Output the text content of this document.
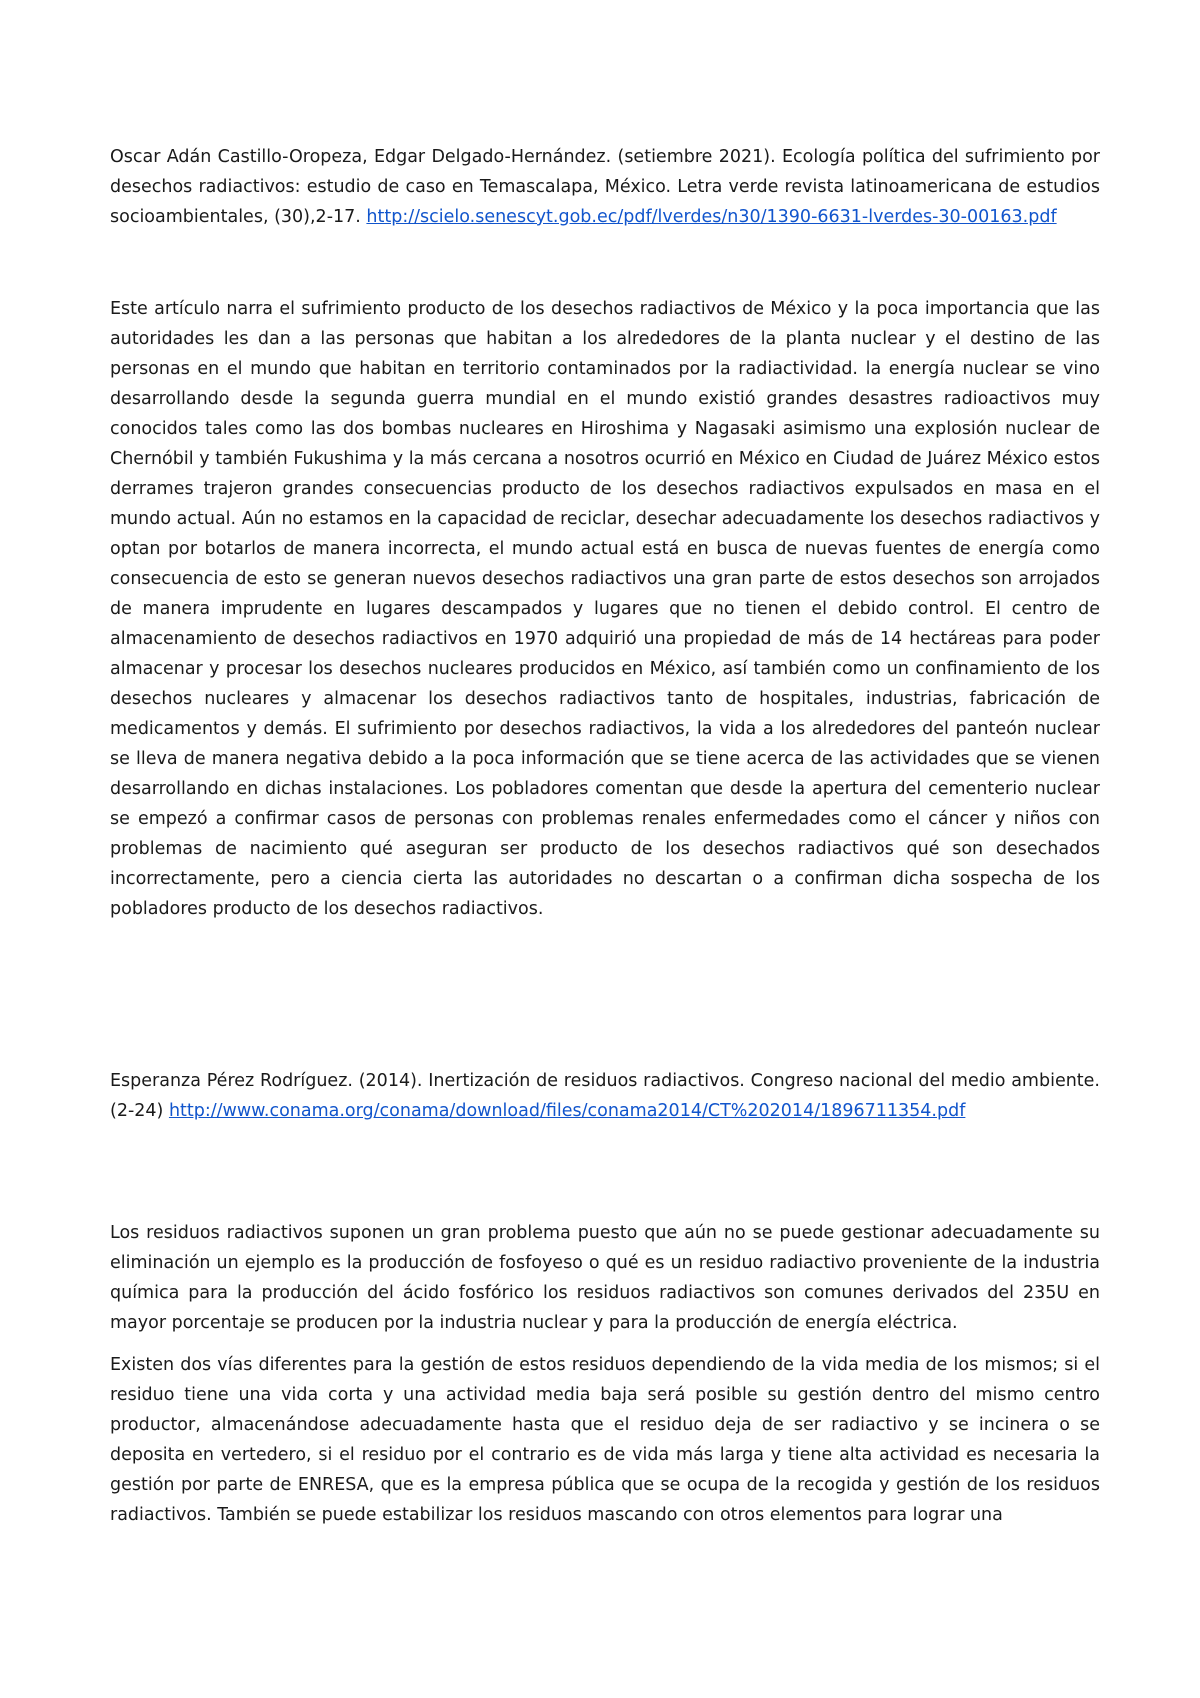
Oscar Adán Castillo-Oropeza, Edgar Delgado-Hernández. (setiembre 2021). Ecología política del sufrimiento por desechos radiactivos: estudio de caso en Temascalapa, México. Letra verde revista latinoamericana de estudios socioambientales, (30),2-17. http://scielo.senescyt.gob.ec/pdf/lverdes/n30/1390-6631-lverdes-30-00163.pdf

Este artículo narra el sufrimiento producto de los desechos radiactivos de México y la poca importancia que las autoridades les dan a las personas que habitan a los alrededores de la planta nuclear y el destino de las personas en el mundo que habitan en territorio contaminados por la radiactividad. la energía nuclear se vino desarrollando desde la segunda guerra mundial en el mundo existió grandes desastres radioactivos muy conocidos tales como las dos bombas nucleares en Hiroshima y Nagasaki asimismo una explosión nuclear de Chernóbil y también Fukushima y la más cercana a nosotros ocurrió en México en Ciudad de Juárez México estos derrames trajeron grandes consecuencias producto de los desechos radiactivos expulsados en masa en el mundo actual. Aún no estamos en la capacidad de reciclar, desechar adecuadamente los desechos radiactivos y optan por botarlos de manera incorrecta, el mundo actual está en busca de nuevas fuentes de energía como consecuencia de esto se generan nuevos desechos radiactivos una gran parte de estos desechos son arrojados de manera imprudente en lugares descampados y lugares que no tienen el debido control. El centro de almacenamiento de desechos radiactivos en 1970 adquirió una propiedad de más de 14 hectáreas para poder almacenar y procesar los desechos nucleares producidos en México, así también como un confinamiento de los desechos nucleares y almacenar los desechos radiactivos tanto de hospitales, industrias, fabricación de medicamentos y demás. El sufrimiento por desechos radiactivos, la vida a los alrededores del panteón nuclear se lleva de manera negativa debido a la poca información que se tiene acerca de las actividades que se vienen desarrollando en dichas instalaciones. Los pobladores comentan que desde la apertura del cementerio nuclear se empezó a confirmar casos de personas con problemas renales enfermedades como el cáncer y niños con problemas de nacimiento qué aseguran ser producto de los desechos radiactivos qué son desechados incorrectamente, pero a ciencia cierta las autoridades no descartan o a confirman dicha sospecha de los pobladores producto de los desechos radiactivos.

Esperanza Pérez Rodríguez. (2014). Inertización de residuos radiactivos. Congreso nacional del medio ambiente.(2-24) http://www.conama.org/conama/download/files/conama2014/CT%202014/1896711354.pdf

Los residuos radiactivos suponen un gran problema puesto que aún no se puede gestionar adecuadamente su eliminación un ejemplo es la producción de fosfoyeso o qué es un residuo radiactivo proveniente de la industria química para la producción del ácido fosfórico los residuos radiactivos son comunes derivados del 235U en mayor porcentaje se producen por la industria nuclear y para la producción de energía eléctrica.

Existen dos vías diferentes para la gestión de estos residuos dependiendo de la vida media de los mismos; si el residuo tiene una vida corta y una actividad media baja será posible su gestión dentro del mismo centro productor, almacenándose adecuadamente hasta que el residuo deja de ser radiactivo y se incinera o se deposita en vertedero, si el residuo por el contrario es de vida más larga y tiene alta actividad es necesaria la gestión por parte de ENRESA, que es la empresa pública que se ocupa de la recogida y gestión de los residuos radiactivos. También se puede estabilizar los residuos mascando con otros elementos para lograr una
